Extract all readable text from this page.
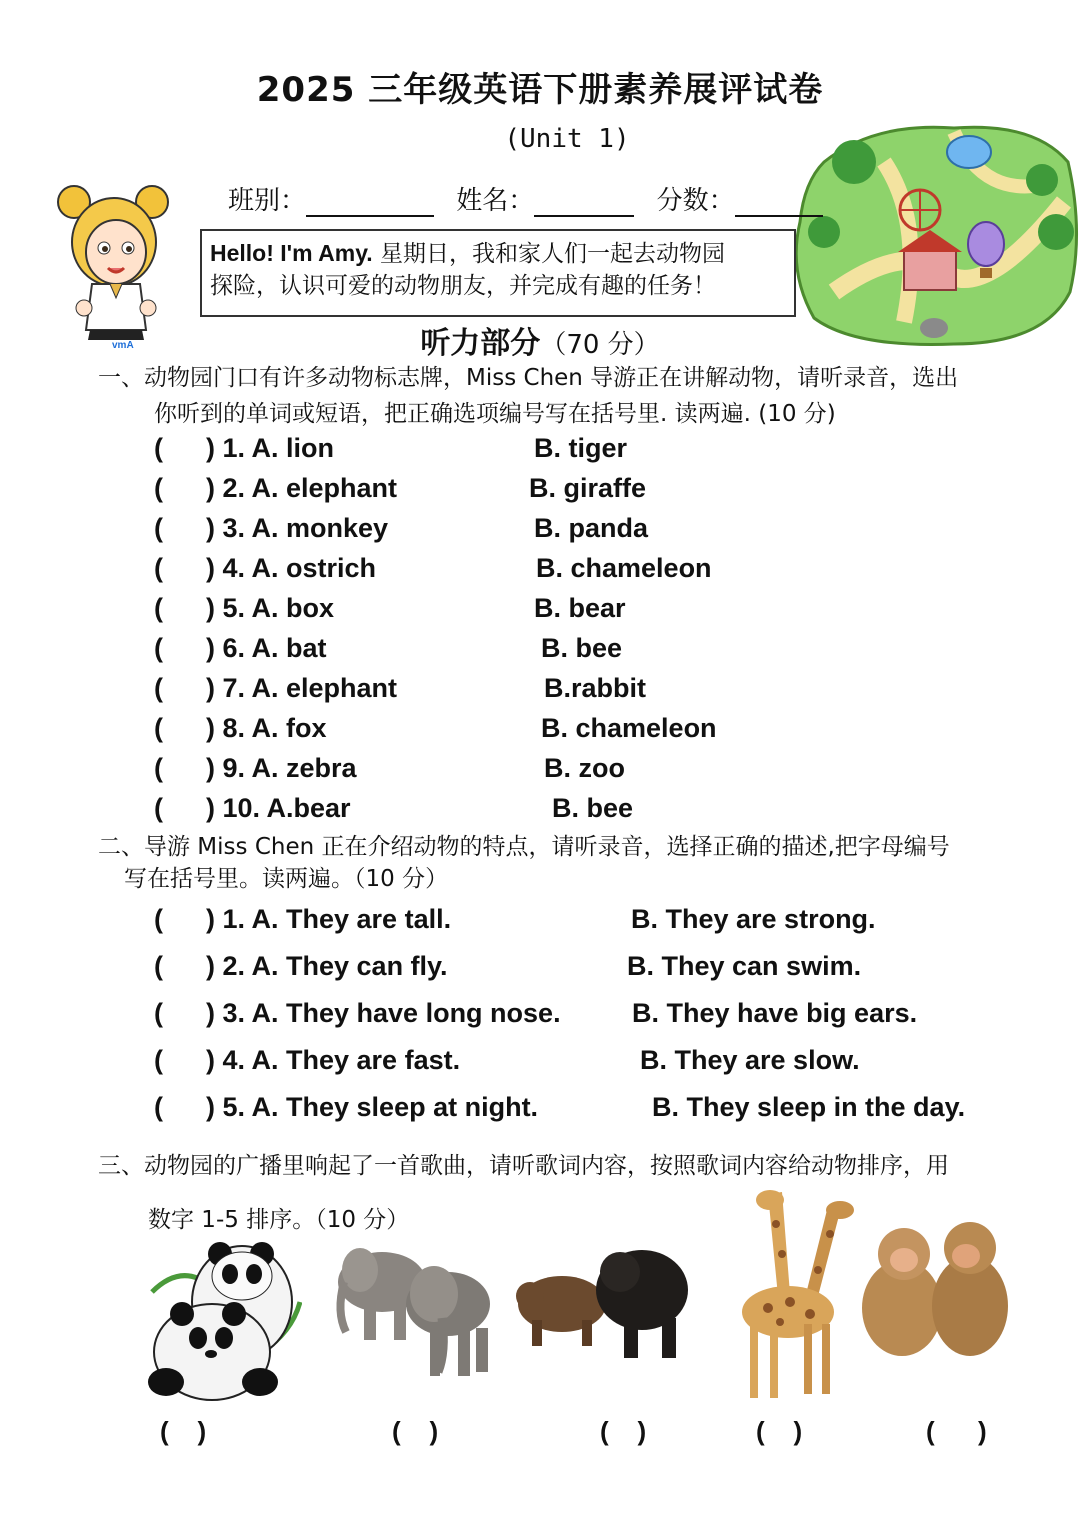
2025 三年级英语下册素养展评试卷
(Unit 1)
vmA
班别：	姓名：	分数：
Hello! I'm Amy. 星期日，我和家人们一起去动物园
探险，认识可爱的动物朋友，并完成有趣的任务！
听力部分（70 分）
一、动物园门口有许多动物标志牌，Miss Chen 导游正在讲解动物，请听录音，选出
你听到的单词或短语，把正确选项编号写在括号里. 读两遍. (10 分)
( ) 1. A. lion	B. tiger
( ) 2. A. elephant	B. giraffe
( ) 3. A. monkey	B. panda
( ) 4. A. ostrich	B. chameleon
( ) 5. A. box	B. bear
( ) 6. A. bat	B. bee
( ) 7. A. elephant	B.rabbit
( ) 8. A. fox	B. chameleon
( ) 9. A. zebra	B. zoo
( ) 10. A.bear	B. bee
二、导游 Miss Chen 正在介绍动物的特点，请听录音，选择正确的描述,把字母编号
写在括号里。读两遍。（10 分）
( ) 1. A. They are tall.	B. They are strong.
( ) 2. A. They can fly.	B. They can swim.
( ) 3. A. They have long nose.	B. They have big ears.
( ) 4. A. They are fast.	B. They are slow.
( ) 5. A. They sleep at night.	B. They sleep in the day.
三、动物园的广播里响起了一首歌曲，请听歌词内容，按照歌词内容给动物排序，用
数字 1-5 排序。（10 分）
(    )	(    )	(    )	(    )	(      )
